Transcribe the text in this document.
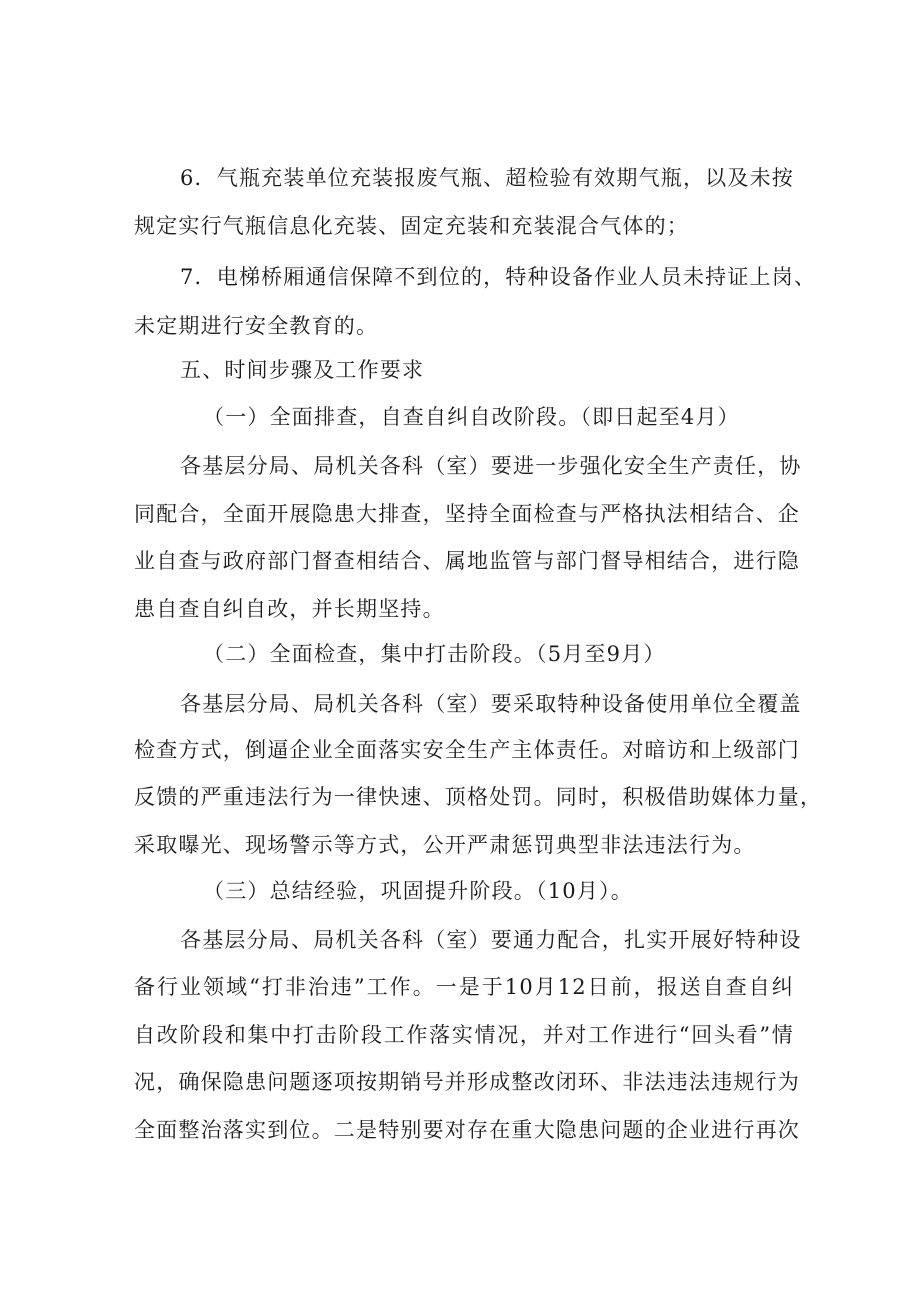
6．气瓶充装单位充装报废气瓶、超检验有效期气瓶，以及未按
规定实行气瓶信息化充装、固定充装和充装混合气体的；
7．电梯桥厢通信保障不到位的，特种设备作业人员未持证上岗、
未定期进行安全教育的。
五、时间步骤及工作要求
（一）全面排查，自查自纠自改阶段。（即日起至4月）
各基层分局、局机关各科（室）要进一步强化安全生产责任，协
同配合，全面开展隐患大排查，坚持全面检查与严格执法相结合、企
业自查与政府部门督查相结合、属地监管与部门督导相结合，进行隐
患自查自纠自改，并长期坚持。
（二）全面检查，集中打击阶段。（5月至9月）
各基层分局、局机关各科（室）要采取特种设备使用单位全覆盖
检查方式，倒逼企业全面落实安全生产主体责任。对暗访和上级部门
反馈的严重违法行为一律快速、顶格处罚。同时，积极借助媒体力量，
采取曝光、现场警示等方式，公开严肃惩罚典型非法违法行为。
（三）总结经验，巩固提升阶段。（10月）。
各基层分局、局机关各科（室）要通力配合，扎实开展好特种设
备行业领域“打非治违”工作。一是于10月12日前，报送自查自纠
自改阶段和集中打击阶段工作落实情况，并对工作进行“回头看”情
况，确保隐患问题逐项按期销号并形成整改闭环、非法违法违规行为
全面整治落实到位。二是特别要对存在重大隐患问题的企业进行再次
